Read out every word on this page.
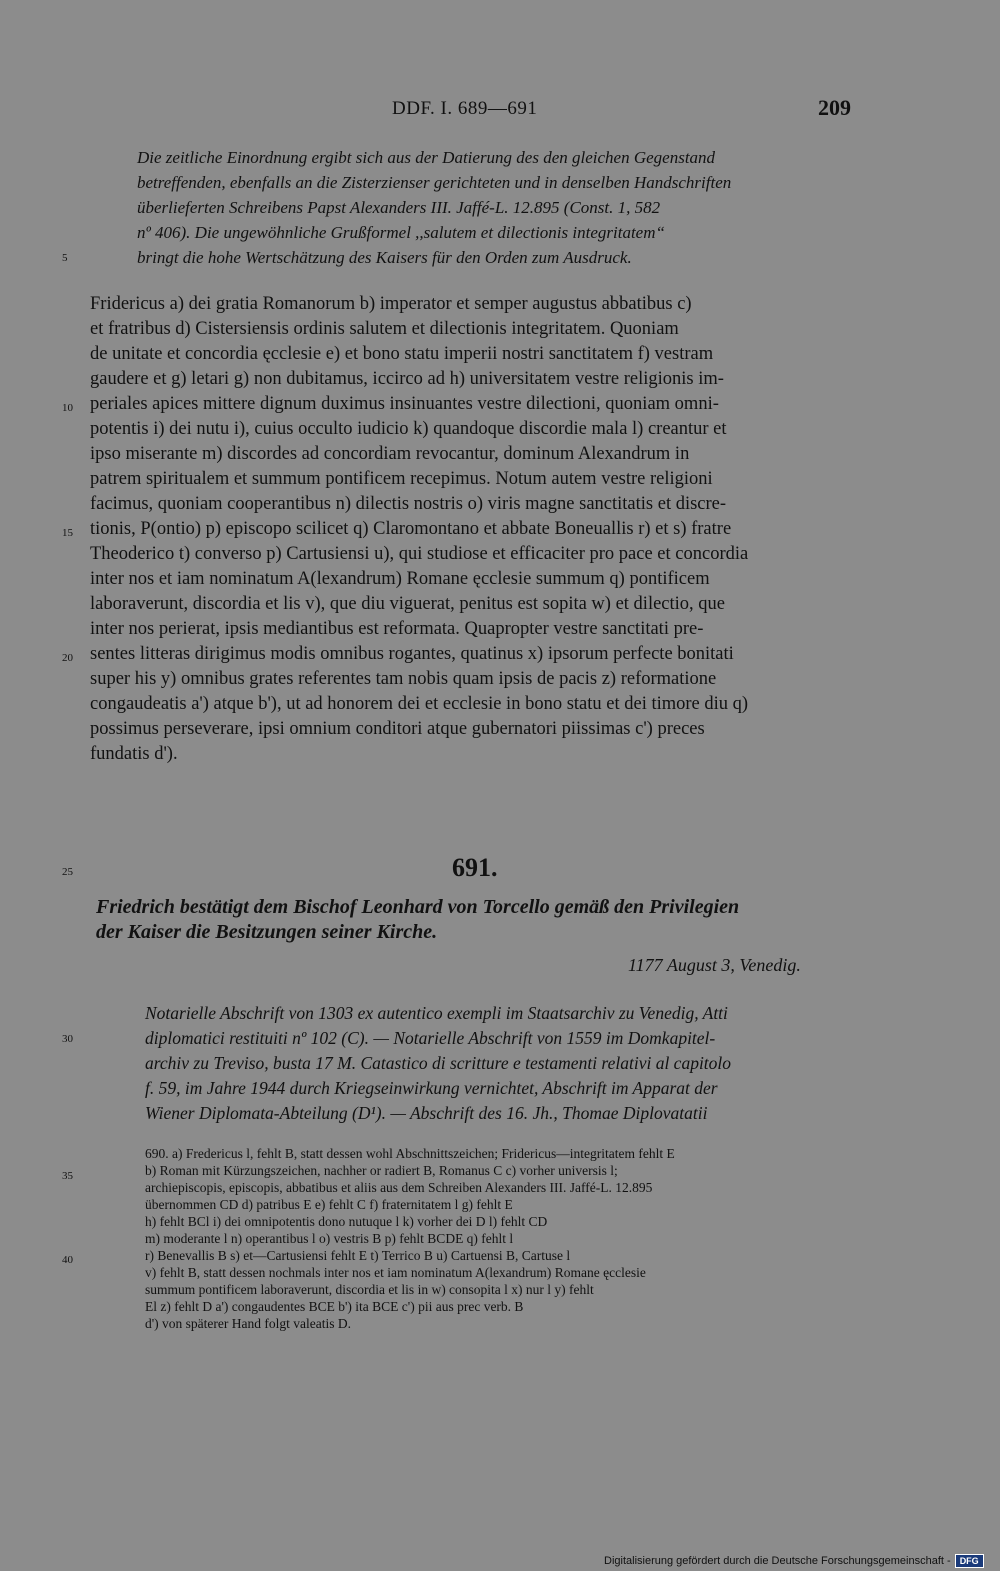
DDF. I. 689—691	209
Die zeitliche Einordnung ergibt sich aus der Datierung des den gleichen Gegenstand
betreffenden, ebenfalls an die Zisterzienser gerichteten und in denselben Handschriften
überlieferten Schreibens Papst Alexanders III. Jaffé-L. 12.895 (Const. 1, 582
nº 406). Die ungewöhnliche Grußformel ,,salutem et dilectionis integritatem“
bringt die hohe Wertschätzung des Kaisers für den Orden zum Ausdruck.
5
Fridericus a) dei gratia Romanorum b) imperator et semper augustus abbatibus c)
et fratribus d) Cistersiensis ordinis salutem et dilectionis integritatem. Quoniam
de unitate et concordia ęcclesie e) et bono statu imperii nostri sanctitatem f) vestram
gaudere et g) letari g) non dubitamus, iccirco ad h) universitatem vestre religionis im-
periales apices mittere dignum duximus insinuantes vestre dilectioni, quoniam omni-
potentis i) dei nutu i), cuius occulto iudicio k) quandoque discordie mala l) creantur et
ipso miserante m) discordes ad concordiam revocantur, dominum Alexandrum in
patrem spiritualem et summum pontificem recepimus. Notum autem vestre religioni
facimus, quoniam cooperantibus n) dilectis nostris o) viris magne sanctitatis et discre-
tionis, P(ontio) p) episcopo scilicet q) Claromontano et abbate Boneuallis r) et s) fratre
Theoderico t) converso p) Cartusiensi u), qui studiose et efficaciter pro pace et concordia
inter nos et iam nominatum A(lexandrum) Romane ęcclesie summum q) pontificem
laboraverunt, discordia et lis v), que diu viguerat, penitus est sopita w) et dilectio, que
inter nos perierat, ipsis mediantibus est reformata. Quapropter vestre sanctitati pre-
sentes litteras dirigimus modis omnibus rogantes, quatinus x) ipsorum perfecte bonitati
super his y) omnibus grates referentes tam nobis quam ipsis de pacis z) reformatione
congaudeatis a') atque b'), ut ad honorem dei et ecclesie in bono statu et dei timore diu q)
possimus perseverare, ipsi omnium conditori atque gubernatori piissimas c') preces
fundatis d').
10
15
20
25	691.
Friedrich bestätigt dem Bischof Leonhard von Torcello gemäß den Privilegien
der Kaiser die Besitzungen seiner Kirche.
1177 August 3, Venedig.
Notarielle Abschrift von 1303 ex autentico exempli im Staatsarchiv zu Venedig, Atti
diplomatici restituiti nº 102 (C). — Notarielle Abschrift von 1559 im Domkapitel-
archiv zu Treviso, busta 17 M. Catastico di scritture e testamenti relativi al capitolo
f. 59, im Jahre 1944 durch Kriegseinwirkung vernichtet, Abschrift im Apparat der
Wiener Diplomata-Abteilung (D¹). — Abschrift des 16. Jh., Thomae Diplovatatii
30
690. a) Fredericus l, fehlt B, statt dessen wohl Abschnittszeichen; Fridericus—integritatem fehlt E
b) Roman mit Kürzungszeichen, nachher or radiert B, Romanus C c) vorher universis l;
archiepiscopis, episcopis, abbatibus et aliis aus dem Schreiben Alexanders III. Jaffé-L. 12.895
übernommen CD d) patribus E e) fehlt C f) fraternitatem l g) fehlt E
h) fehlt BCl i) dei omnipotentis dono nutuque l k) vorher dei D l) fehlt CD
m) moderante l n) operantibus l o) vestris B p) fehlt BCDE q) fehlt l
r) Benevallis B s) et—Cartusiensi fehlt E t) Terrico B u) Cartuensi B, Cartuse l
v) fehlt B, statt dessen nochmals inter nos et iam nominatum A(lexandrum) Romane ęcclesie
summum pontificem laboraverunt, discordia et lis in w) consopita l x) nur l y) fehlt
El z) fehlt D a') congaudentes BCE b') ita BCE c') pii aus prec verb. B
d') von späterer Hand folgt valeatis D.
35
40
Digitalisierung gefördert durch die Deutsche Forschungsgemeinschaft -	DFG
